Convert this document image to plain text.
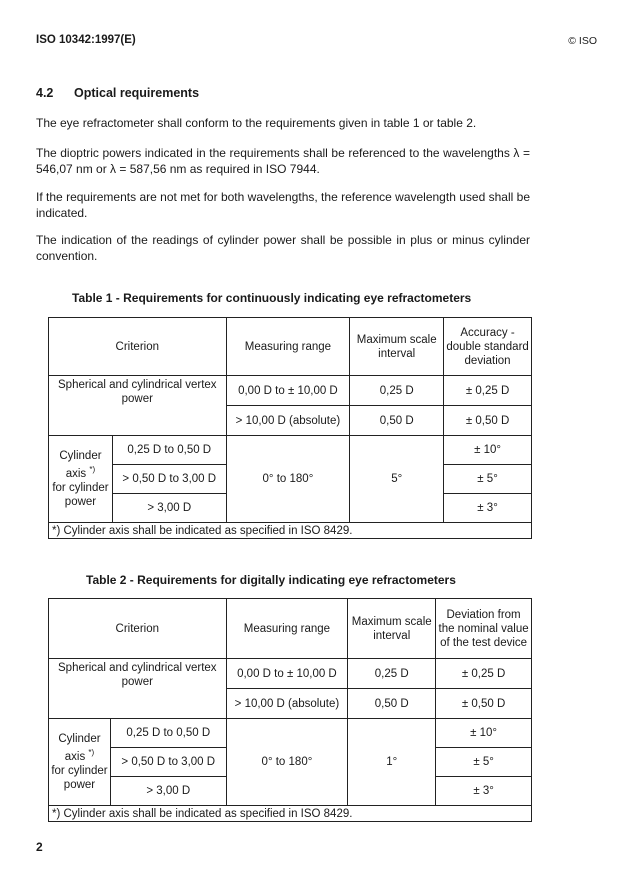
ISO 10342:1997(E)	© ISO
4.2 Optical requirements
The eye refractometer shall conform to the requirements given in table 1 or table 2.
The dioptric powers indicated in the requirements shall be referenced to the wavelengths λ = 546,07 nm or λ = 587,56 nm as required in ISO 7944.
If the requirements are not met for both wavelengths, the reference wavelength used shall be indicated.
The indication of the readings of cylinder power shall be possible in plus or minus cylinder convention.
Table 1 - Requirements for continuously indicating eye refractometers
Criterion		Measuring range	Maximum scale interval	Accuracy - double standard deviation
Spherical and cylindrical vertex power		0,00 D to ± 10,00 D	0,25 D	± 0,25 D
		> 10,00 D (absolute)	0,50 D	± 0,50 D
Cylinder axis *)
for cylinder power	0,25 D to 0,50 D	0° to 180°	5°	± 10°
	> 0,50 D to 3,00 D			± 5°
	> 3,00 D			± 3°
*) Cylinder axis shall be indicated as specified in ISO 8429.				
Table 2 - Requirements for digitally indicating eye refractometers
Criterion		Measuring range	Maximum scale interval	Deviation from the nominal value of the test device
Spherical and cylindrical vertex power		0,00 D to ± 10,00 D	0,25 D	± 0,25 D
		> 10,00 D (absolute)	0,50 D	± 0,50 D
Cylinder axis *)
for cylinder power	0,25 D to 0,50 D	0° to 180°	1°	± 10°
	> 0,50 D to 3,00 D			± 5°
	> 3,00 D			± 3°
*) Cylinder axis shall be indicated as specified in ISO 8429.				
2
